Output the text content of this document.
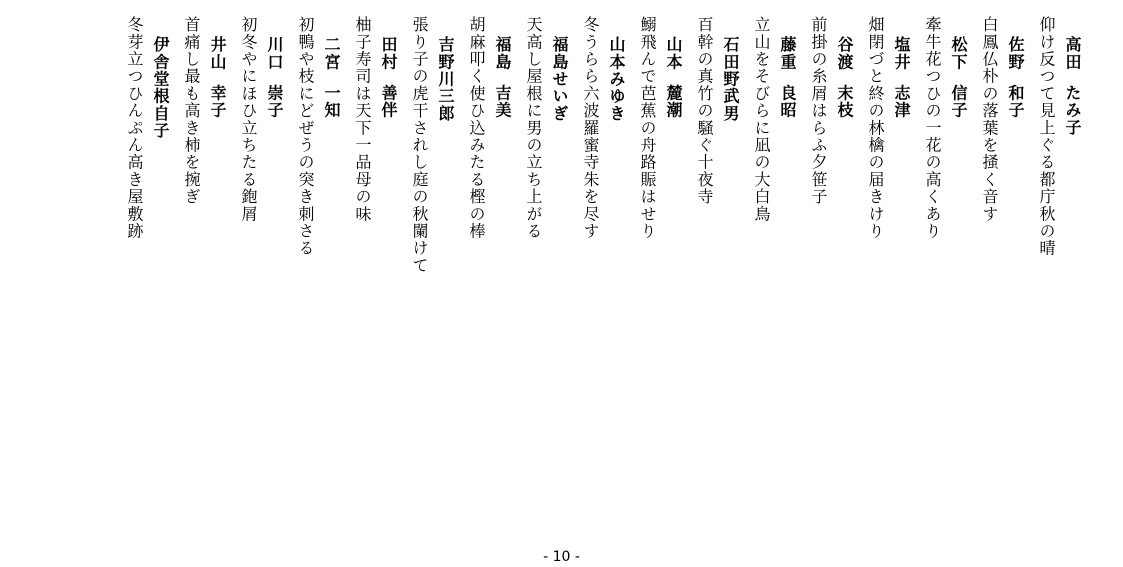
高田たみ子
仰け反つて見上ぐる都庁秋の晴
佐野和子
白鳳仏朴の落葉を掻く音す
松下信子
牽牛花つひの一花の高くあり
塩井志津
畑閉づと終の林檎の届きけり
谷渡末枝
前掛の糸屑はらふ夕笹子
藤重良昭
立山をそびらに凪の大白鳥
石田野武男
百幹の真竹の騒ぐ十夜寺
山本麓潮
鰯飛んで芭蕉の舟路賑はせり
山本みゆき
冬うらら六波羅蜜寺朱を尽す
福島せいぎ
天高し屋根に男の立ち上がる
福島吉美
胡麻叩く使ひ込みたる樫の棒
吉野川三郎
張り子の虎干されし庭の秋闌けて
田村善伴
柚子寿司は天下一品母の味
二宮一知
初鴨や枝にどぜうの突き刺さる
川口崇子
初冬やにほひ立ちたる鉋屑
井山幸子
首痛し最も高き柿を捥ぎ
伊舎堂根自子
冬芽立つひんぷん高き屋敷跡
- 10 -
